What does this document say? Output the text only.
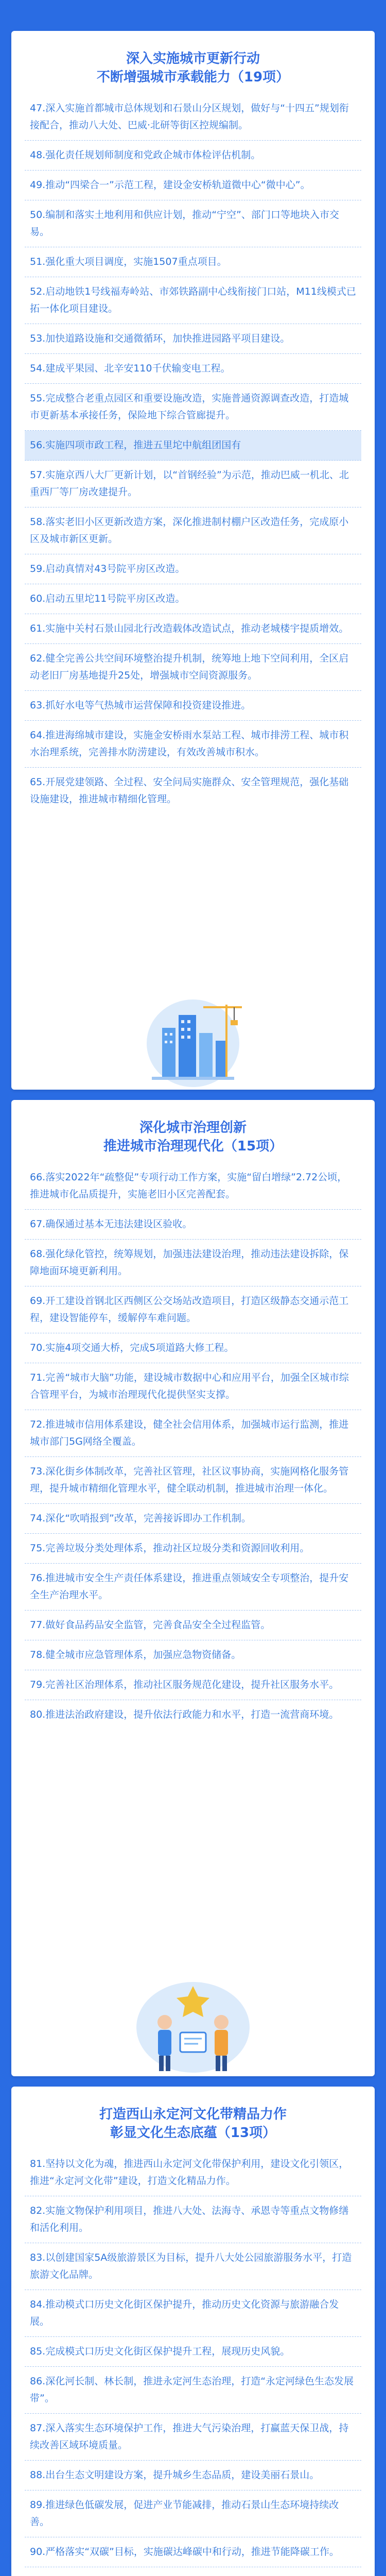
深入实施城市更新行动
不断增强城市承载能力（19项）

47.深入实施首都城市总体规划和石景山分区规划，做好与“十四五”规划衔接配合，推动八大处、巴威·北研等街区控规编制。

48.强化责任规划师制度和党政企城市体检评估机制。

49.推动“四梁合一”示范工程，建设金安桥轨道微中心“微中心”。

50.编制和落实土地利用和供应计划，推动“宁空”、部门口等地块入市交易。

51.强化重大项目调度，实施1507重点项目。

52.启动地铁1号线福寿岭站、市郊铁路副中心线衔接门口站，M11线模式已拓一体化项目建设。

53.加快道路设施和交通微循环，加快推进园路平项目建设。

54.建成平果园、北辛安110千伏输变电工程。

55.完成整合老重点园区和重要设施改造，实施普通资源调查改造，打造城市更新基本承接任务，保险地下综合管廊提升。

56.实施四项市政工程，推进五里坨中航组团国有

57.实施京西八大厂更新计划，以“首钢经验”为示范，推动巴威一机北、北重西厂等厂房改建提升。

58.落实老旧小区更新改造方案，深化推进制村棚户区改造任务，完成原小区及城市新区更新。

59.启动真情对43号院平房区改造。

60.启动五里坨11号院平房区改造。

61.实施中关村石景山园北行改造载体改造试点，推动老城楼宇提质增效。

62.健全完善公共空间环境整治提升机制，统筹地上地下空间利用，全区启动老旧厂房基地提升25处，增强城市空间资源服务。

63.抓好水电等气热城市运营保障和投资建设推进。

64.推进海绵城市建设，实施金安桥雨水泵站工程、城市排涝工程、城市积水治理系统，完善排水防涝建设，有效改善城市积水。

65.开展党建领路、全过程、安全问局实施群众、安全管理规范，强化基础设施建设，推进城市精细化管理。

深化城市治理创新
推进城市治理现代化（15项）

66.落实2022年“疏整促”专项行动工作方案，实施“留白增绿”2.72公顷，推进城市化品质提升，实施老旧小区完善配套。

67.确保通过基本无违法建设区验收。

68.强化绿化管控，统筹规划，加强违法建设治理，推动违法建设拆除，保障地面环境更新利用。

69.开工建设首钢北区西侧区公交场站改造项目，打造区级静态交通示范工程，建设智能停车，缓解停车难问题。

70.实施4项交通大桥，完成5项道路大修工程。

71.完善“城市大脑”功能，建设城市数据中心和应用平台，加强全区城市综合管理平台，为城市治理现代化提供坚实支撑。

72.推进城市信用体系建设，健全社会信用体系，加强城市运行监测，推进城市部门5G网络全覆盖。

73.深化街乡体制改革，完善社区管理，社区议事协商，实施网格化服务管理，提升城市精细化管理水平，健全联动机制，推进城市治理一体化。

74.深化“吹哨报到”改革，完善接诉即办工作机制。

75.完善垃圾分类处理体系，推动社区垃圾分类和资源回收利用。

76.推进城市安全生产责任体系建设，推进重点领域安全专项整治，提升安全生产治理水平。

77.做好食品药品安全监管，完善食品安全全过程监管。

78.健全城市应急管理体系，加强应急物资储备。

79.完善社区治理体系，推动社区服务规范化建设，提升社区服务水平。

80.推进法治政府建设，提升依法行政能力和水平，打造一流营商环境。

打造西山永定河文化带精品力作
彰显文化生态底蕴（13项）

81.坚持以文化为魂，推进西山永定河文化带保护利用，建设文化引领区，推进“永定河文化带”建设，打造文化精品力作。

82.实施文物保护利用项目，推进八大处、法海寺、承恩寺等重点文物修缮和活化利用。

83.以创建国家5A级旅游景区为目标，提升八大处公园旅游服务水平，打造旅游文化品牌。

84.推动模式口历史文化街区保护提升，推动历史文化资源与旅游融合发展。

85.完成模式口历史文化街区保护提升工程，展现历史风貌。

86.深化河长制、林长制，推进永定河生态治理，打造“永定河绿色生态发展带”。

87.深入落实生态环境保护工作，推进大气污染治理，打赢蓝天保卫战，持续改善区域环境质量。

88.出台生态文明建设方案，提升城乡生态品质，建设美丽石景山。

89.推进绿色低碳发展，促进产业节能减排，推动石景山生态环境持续改善。

90.严格落实“双碳”目标，实施碳达峰碳中和行动，推进节能降碳工作。
